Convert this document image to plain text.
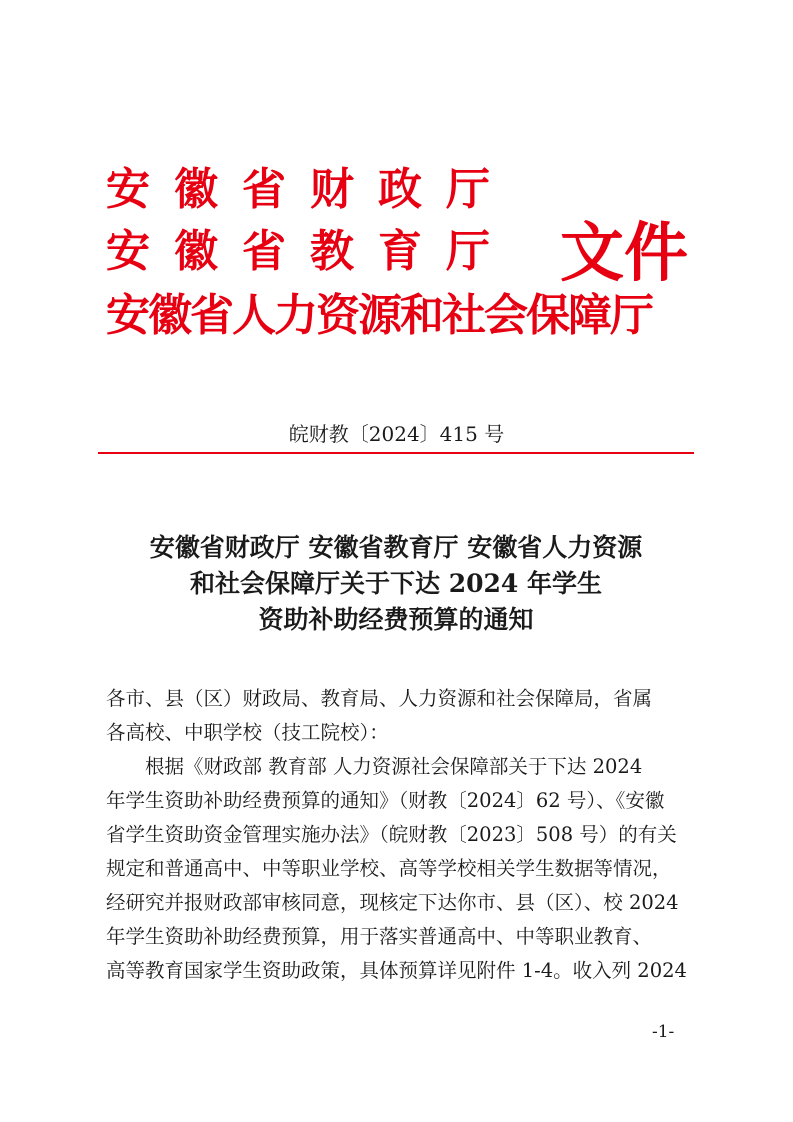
安徽省财政厅
安徽省教育厅
安徽省人力资源和社会保障厅
文件
皖财教〔2024〕415 号
安徽省财政厅 安徽省教育厅 安徽省人力资源
和社会保障厅关于下达 2024 年学生
资助补助经费预算的通知
各市、县（区）财政局、教育局、人力资源和社会保障局，省属
各高校、中职学校（技工院校）：
根据《财政部 教育部 人力资源社会保障部关于下达 2024
年学生资助补助经费预算的通知》（财教〔2024〕62 号）、《安徽
省学生资助资金管理实施办法》（皖财教〔2023〕508 号）的有关
规定和普通高中、中等职业学校、高等学校相关学生数据等情况，
经研究并报财政部审核同意，现核定下达你市、县（区）、校 2024
年学生资助补助经费预算，用于落实普通高中、中等职业教育、
高等教育国家学生资助政策，具体预算详见附件 1-4。收入列 2024
-1-
